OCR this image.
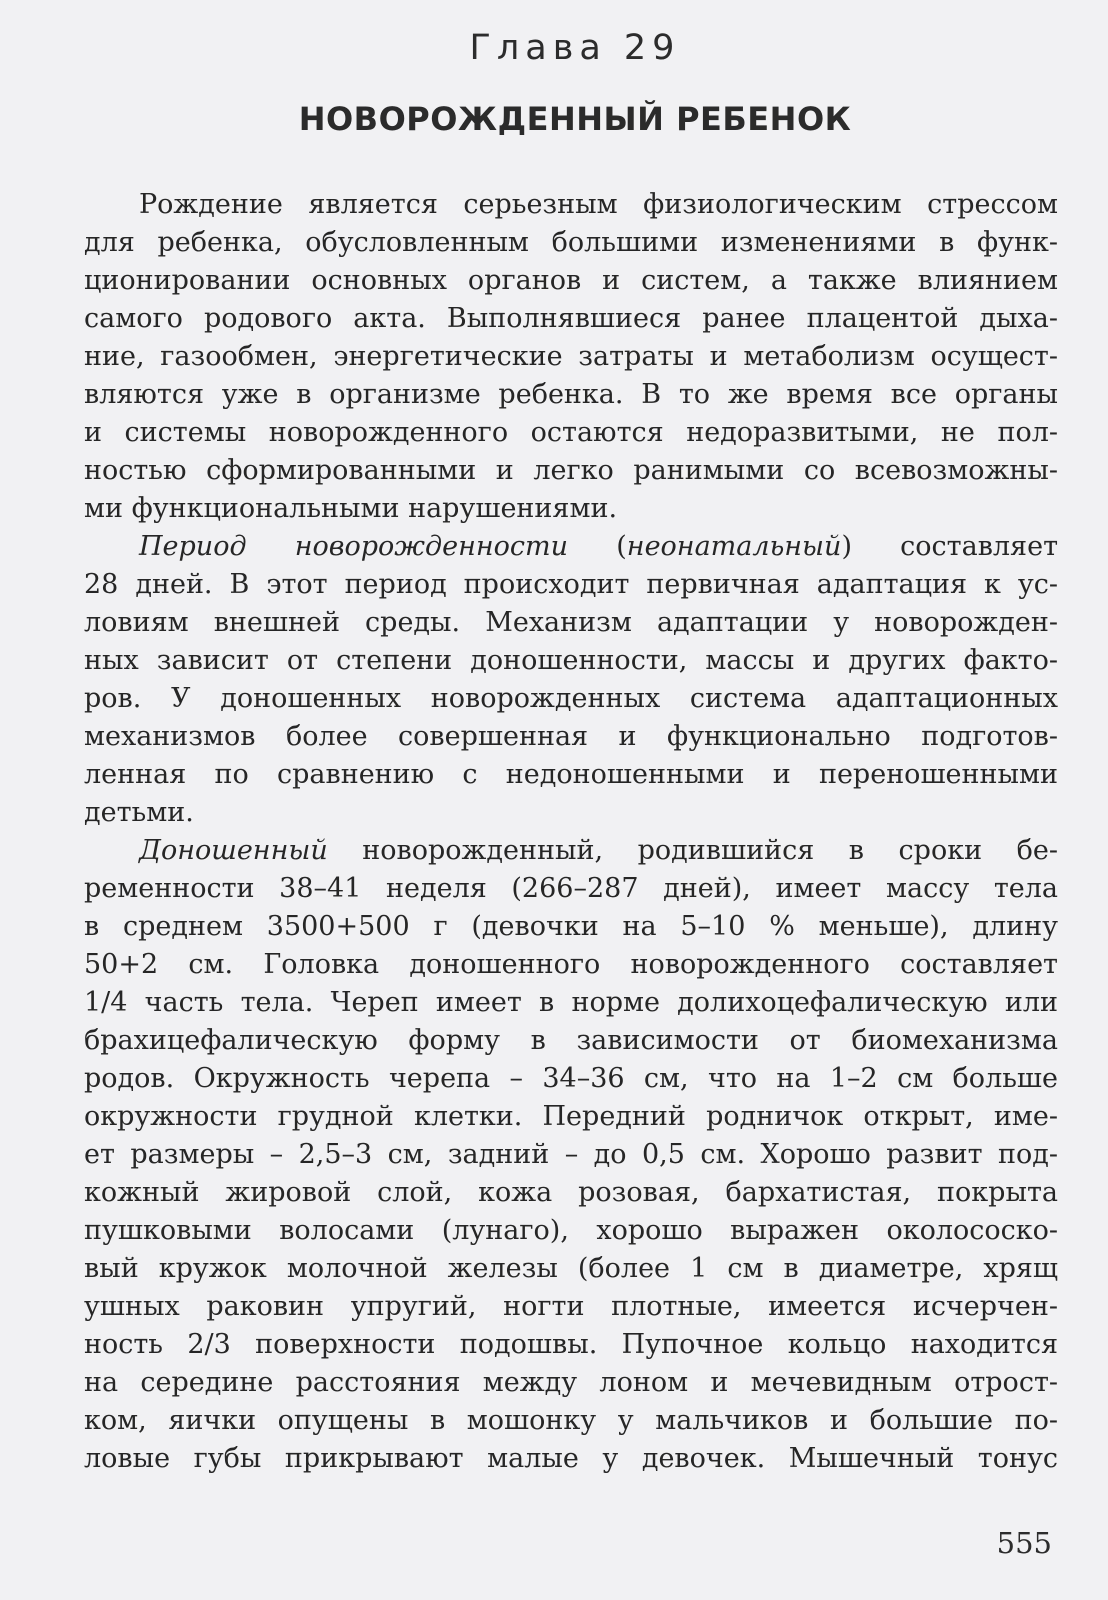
Глава 29
НОВОРОЖДЕННЫЙ РЕБЕНОК
Рождение является серьезным физиологическим стрессом
для ребенка, обусловленным большими изменениями в функ-
ционировании основных органов и систем, а также влиянием
самого родового акта. Выполнявшиеся ранее плацентой дыха-
ние, газообмен, энергетические затраты и метаболизм осущест-
вляются уже в организме ребенка. В то же время все органы
и системы новорожденного остаются недоразвитыми, не пол-
ностью сформированными и легко ранимыми со всевозможны-
ми функциональными нарушениями.
Период новорожденности (неонатальный) составляет
28 дней. В этот период происходит первичная адаптация к ус-
ловиям внешней среды. Механизм адаптации у новорожден-
ных зависит от степени доношенности, массы и других факто-
ров. У доношенных новорожденных система адаптационных
механизмов более совершенная и функционально подготов-
ленная по сравнению с недоношенными и переношенными
детьми.
Доношенный новорожденный, родившийся в сроки бе-
ременности 38–41 неделя (266–287 дней), имеет массу тела
в среднем 3500+500 г (девочки на 5–10 % меньше), длину
50+2 см. Головка доношенного новорожденного составляет
1/4 часть тела. Череп имеет в норме долихоцефалическую или
брахицефалическую форму в зависимости от биомеханизма
родов. Окружность черепа – 34–36 см, что на 1–2 см больше
окружности грудной клетки. Передний родничок открыт, име-
ет размеры – 2,5–3 см, задний – до 0,5 см. Хорошо развит под-
кожный жировой слой, кожа розовая, бархатистая, покрыта
пушковыми волосами (лунаго), хорошо выражен околососко-
вый кружок молочной железы (более 1 см в диаметре, хрящ
ушных раковин упругий, ногти плотные, имеется исчерчен-
ность 2/3 поверхности подошвы. Пупочное кольцо находится
на середине расстояния между лоном и мечевидным отрост-
ком, яички опущены в мошонку у мальчиков и большие по-
ловые губы прикрывают малые у девочек. Мышечный тонус
555
